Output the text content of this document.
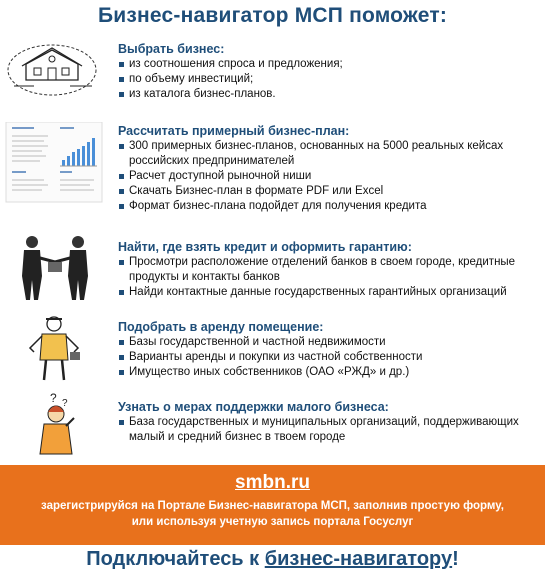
Бизнес-навигатор МСП поможет:
Выбрать бизнес:
из соотношения спроса и предложения;
по объему инвестиций;
из каталога бизнес-планов.
Рассчитать примерный бизнес-план:
300 примерных бизнес-планов, основанных на 5000 реальных кейсах российских предпринимателей
Расчет доступной рыночной ниши
Скачать Бизнес-план в формате PDF или Excel
Формат бизнес-плана подойдет для получения кредита
Найти, где взять кредит и оформить гарантию:
Просмотри расположение отделений банков в своем городе, кредитные продукты и контакты банков
Найди контактные данные государственных гарантийных организаций
Подобрать в аренду помещение:
Базы государственной и частной недвижимости
Варианты аренды и покупки из частной собственности
Имущество иных собственников (ОАО «РЖД» и др.)
? ?	Узнать о мерах поддержки малого бизнеса:
База государственных и муниципальных организаций, поддерживающих малый и средний бизнес в твоем городе
smbn.ru
зарегистрируйся на Портале Бизнес-навигатора МСП, заполнив простую форму,
или используя учетную запись портала Госуслуг
Подключайтесь к бизнес-навигатору!
